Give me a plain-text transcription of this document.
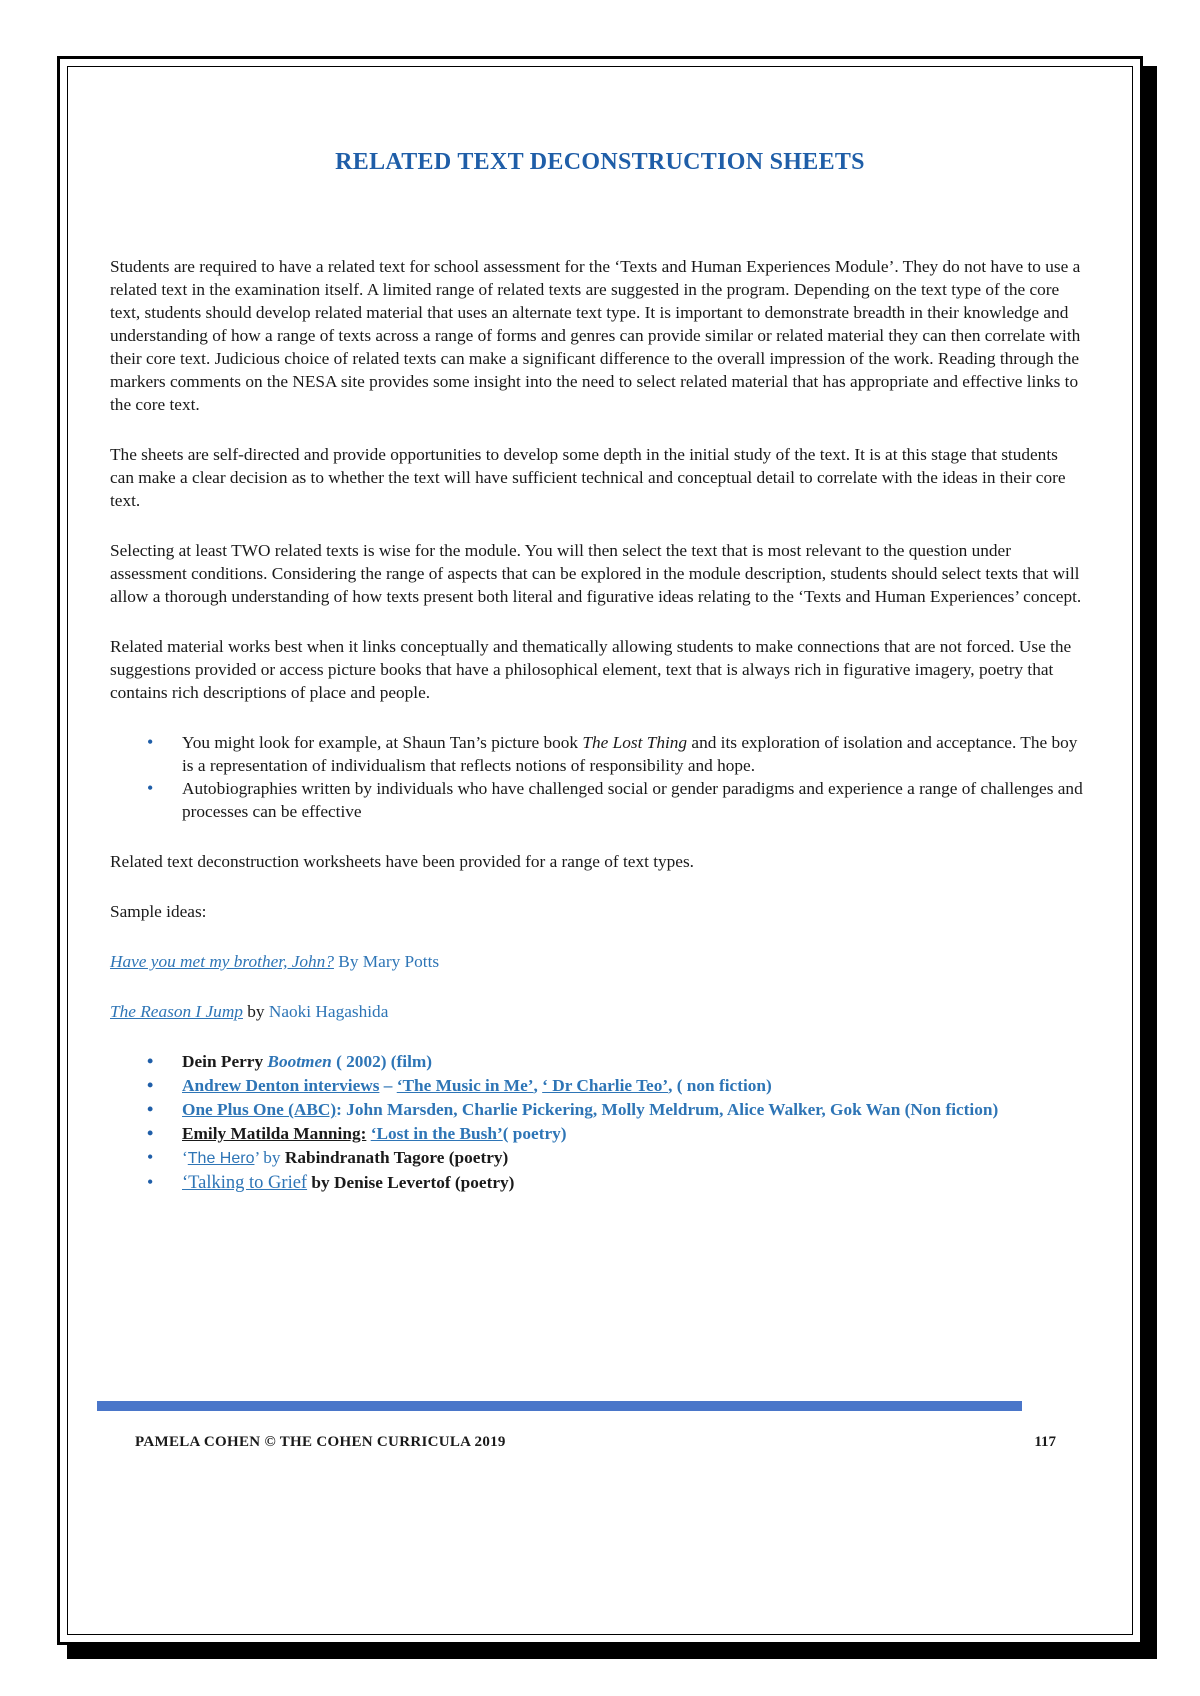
RELATED TEXT DECONSTRUCTION SHEETS

Students are required to have a related text for school assessment for the ‘Texts and Human Experiences Module’. They do not have to use a related text in the examination itself. A limited range of related texts are suggested in the program. Depending on the text type of the core text, students should develop related material that uses an alternate text type. It is important to demonstrate breadth in their knowledge and understanding of how a range of texts across a range of forms and genres can provide similar or related material they can then correlate with their core text. Judicious choice of related texts can make a significant difference to the overall impression of the work. Reading through the markers comments on the NESA site provides some insight into the need to select related material that has appropriate and effective links to the core text.

The sheets are self-directed and provide opportunities to develop some depth in the initial study of the text. It is at this stage that students can make a clear decision as to whether the text will have sufficient technical and conceptual detail to correlate with the ideas in their core text.

Selecting at least TWO related texts is wise for the module. You will then select the text that is most relevant to the question under assessment conditions. Considering the range of aspects that can be explored in the module description, students should select texts that will allow a thorough understanding of how texts present both literal and figurative ideas relating to the ‘Texts and Human Experiences’ concept.

Related material works best when it links conceptually and thematically allowing students to make connections that are not forced. Use the suggestions provided or access picture books that have a philosophical element, text that is always rich in figurative imagery, poetry that contains rich descriptions of place and people.

• You might look for example, at Shaun Tan’s picture book The Lost Thing and its exploration of isolation and acceptance. The boy is a representation of individualism that reflects notions of responsibility and hope.
• Autobiographies written by individuals who have challenged social or gender paradigms and experience a range of challenges and processes can be effective

Related text deconstruction worksheets have been provided for a range of text types.

Sample ideas:

Have you met my brother, John? By Mary Potts

The Reason I Jump by Naoki Hagashida

• Dein Perry Bootmen ( 2002) (film)
• Andrew Denton interviews – ‘The Music in Me’, ‘ Dr Charlie Teo’, ( non fiction)
• One Plus One (ABC): John Marsden, Charlie Pickering, Molly Meldrum, Alice Walker, Gok Wan (Non fiction)
• Emily Matilda Manning: ‘Lost in the Bush’( poetry)
• ‘The Hero’ by Rabindranath Tagore (poetry)
• ‘Talking to Grief by Denise Levertof (poetry)
PAMELA COHEN © THE COHEN CURRICULA 2019	117
